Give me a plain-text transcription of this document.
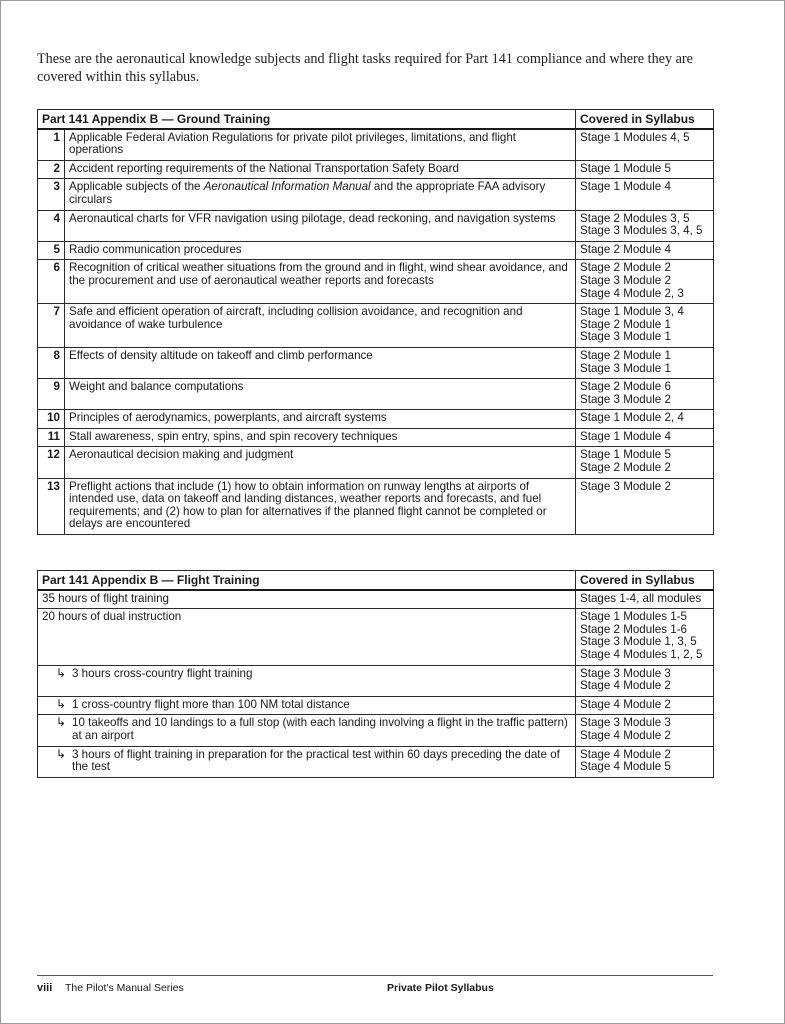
These are the aeronautical knowledge subjects and flight tasks required for Part 141 compliance and where they are covered within this syllabus.

Part 141 Appendix B — Ground Training		Covered in Syllabus
1	Applicable Federal Aviation Regulations for private pilot privileges, limitations, and flight operations	Stage 1 Modules 4, 5

2	Accident reporting requirements of the National Transportation Safety Board	Stage 1 Module 5

3	Applicable subjects of the Aeronautical Information Manual and the appropriate FAA advisory circulars	Stage 1 Module 4

4	Aeronautical charts for VFR navigation using pilotage, dead reckoning, and navigation systems	Stage 2 Modules 3, 5
Stage 3 Modules 3, 4, 5

5	Radio communication procedures	Stage 2 Module 4

6	Recognition of critical weather situations from the ground and in flight, wind shear avoidance, and the procurement and use of aeronautical weather reports and forecasts	Stage 2 Module 2
Stage 3 Module 2
Stage 4 Module 2, 3

7	Safe and efficient operation of aircraft, including collision avoidance, and recognition and avoidance of wake turbulence	Stage 1 Module 3, 4
Stage 2 Module 1
Stage 3 Module 1

8	Effects of density altitude on takeoff and climb performance	Stage 2 Module 1
Stage 3 Module 1

9	Weight and balance computations	Stage 2 Module 6
Stage 3 Module 2

10	Principles of aerodynamics, powerplants, and aircraft systems	Stage 1 Module 2, 4

11	Stall awareness, spin entry, spins, and spin recovery techniques	Stage 1 Module 4

12	Aeronautical decision making and judgment	Stage 1 Module 5
Stage 2 Module 2

13	Preflight actions that include (1) how to obtain information on runway lengths at airports of intended use, data on takeoff and landing distances, weather reports and forecasts, and fuel requirements; and (2) how to plan for alternatives if the planned flight cannot be completed or delays are encountered	Stage 3 Module 2
Part 141 Appendix B — Flight Training	Covered in Syllabus
35 hours of flight training	Stages 1-4, all modules

20 hours of dual instruction	Stage 1 Modules 1-5
Stage 2 Modules 1-6
Stage 3 Module 1, 3, 5
Stage 4 Modules 1, 2, 5

↳ 3 hours cross-country flight training	Stage 3 Module 3
Stage 4 Module 2

↳ 1 cross-country flight more than 100 NM total distance	Stage 4 Module 2

↳ 10 takeoffs and 10 landings to a full stop (with each landing involving a flight in the traffic pattern) at an airport	Stage 3 Module 3
Stage 4 Module 2

↳ 3 hours of flight training in preparation for the practical test within 60 days preceding the date of the test	Stage 4 Module 2
Stage 4 Module 5
viii The Pilot's Manual Series	Private Pilot Syllabus
